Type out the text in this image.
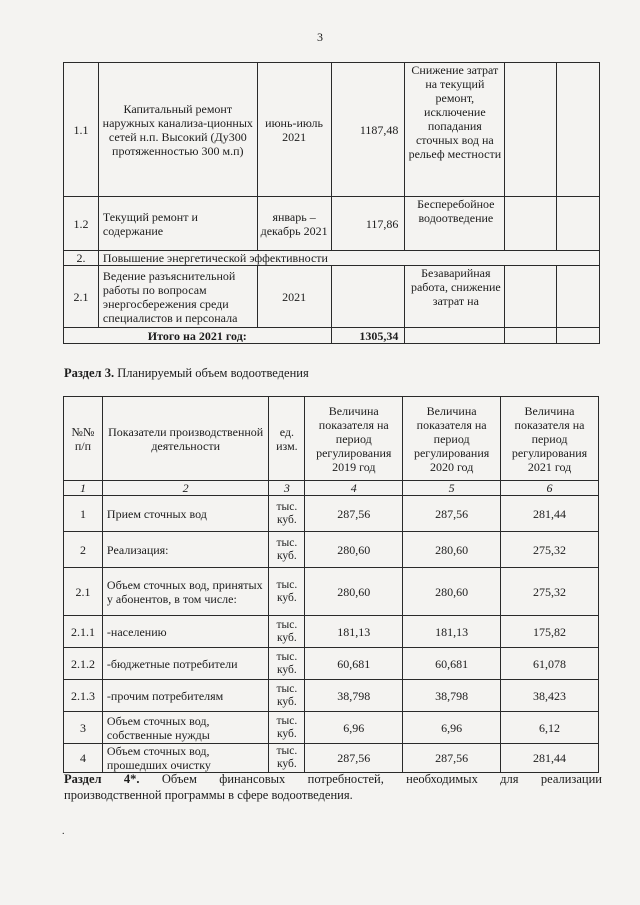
3
1.1	Капитальный ремонт наружных канализа-ционных сетей н.п. Высокий (Ду300 протяженностью 300 м.п)	июнь-июль 2021	1187,48	Снижение затрат на текущий ремонт, исключение попадания сточных вод на рельеф местности		
1.2	Текущий ремонт и содержание	январь – декабрь 2021	117,86	Бесперебойное водоотведение		
2.	Повышение энергетической эффективности					
2.1	Ведение разъяснительной работы по вопросам энергосбережения среди специалистов и персонала	2021		Безаварийная работа, снижение затрат на		
Итого на 2021 год:			1305,34			
Раздел 3. Планируемый объем водоотведения
№№ п/п	Показатели производственной деятельности	ед. изм.	Величина показателя на период регулирования 2019 год	Величина показателя на период регулирования 2020 год	Величина показателя на период регулирования 2021 год
1	2	3	4	5	6
1	Прием сточных вод	тыс. куб.	287,56	287,56	281,44
2	Реализация:	тыс. куб.	280,60	280,60	275,32
2.1	Объем сточных вод, принятых у абонентов, в том числе:	тыс. куб.	280,60	280,60	275,32
2.1.1	-населению	тыс. куб.	181,13	181,13	175,82
2.1.2	-бюджетные потребители	тыс. куб.	60,681	60,681	61,078
2.1.3	-прочим потребителям	тыс. куб.	38,798	38,798	38,423
3	Объем сточных вод, собственные нужды	тыс. куб.	6,96	6,96	6,12
4	Объем сточных вод, прошедших очистку	тыс. куб.	287,56	287,56	281,44
Раздел 4*. Объем финансовых потребностей, необходимых для реализации
производственной программы в сфере водоотведения.
.
